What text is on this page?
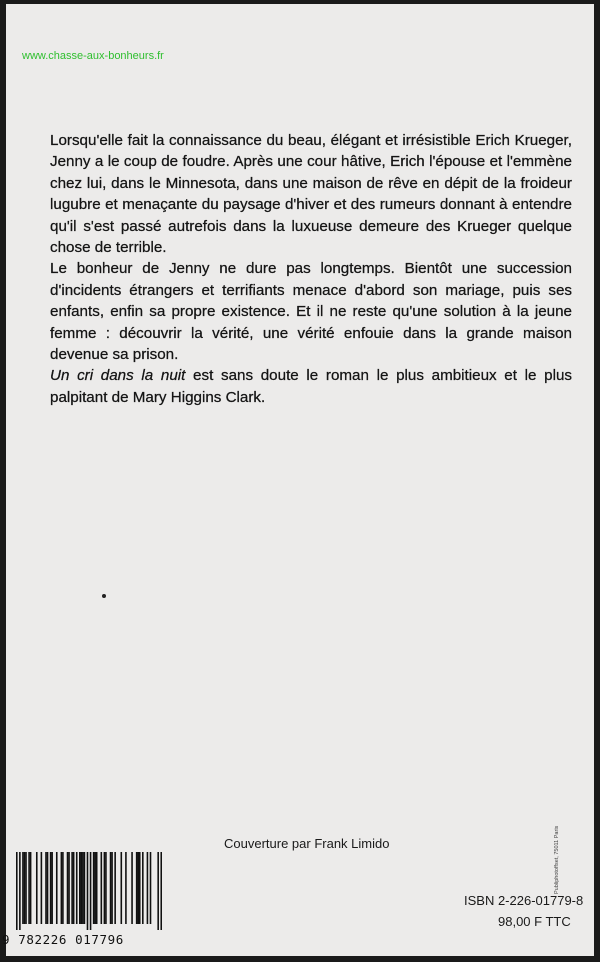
www.chasse-aux-bonheurs.fr

Lorsqu'elle fait la connaissance du beau, élégant et irrésistible Erich Krueger, Jenny a le coup de foudre. Après une cour hâtive, Erich l'épouse et l'emmène chez lui, dans le Minnesota, dans une maison de rêve en dépit de la froideur lugubre et menaçante du paysage d'hiver et des rumeurs donnant à entendre qu'il s'est passé autrefois dans la luxueuse demeure des Krueger quelque chose de terrible.

Le bonheur de Jenny ne dure pas longtemps. Bientôt une succession d'incidents étrangers et terrifiants menace d'abord son mariage, puis ses enfants, enfin sa propre existence. Et il ne reste qu'une solution à la jeune femme : découvrir la vérité, une vérité enfouie dans la grande maison devenue sa prison.

Un cri dans la nuit est sans doute le roman le plus ambitieux et le plus palpitant de Mary Higgins Clark.

Couverture par Frank Limido	Publiphotoffset, 75011 Paris
9 782226 017796
ISBN 2-226-01779-8
98,00 F TTC
